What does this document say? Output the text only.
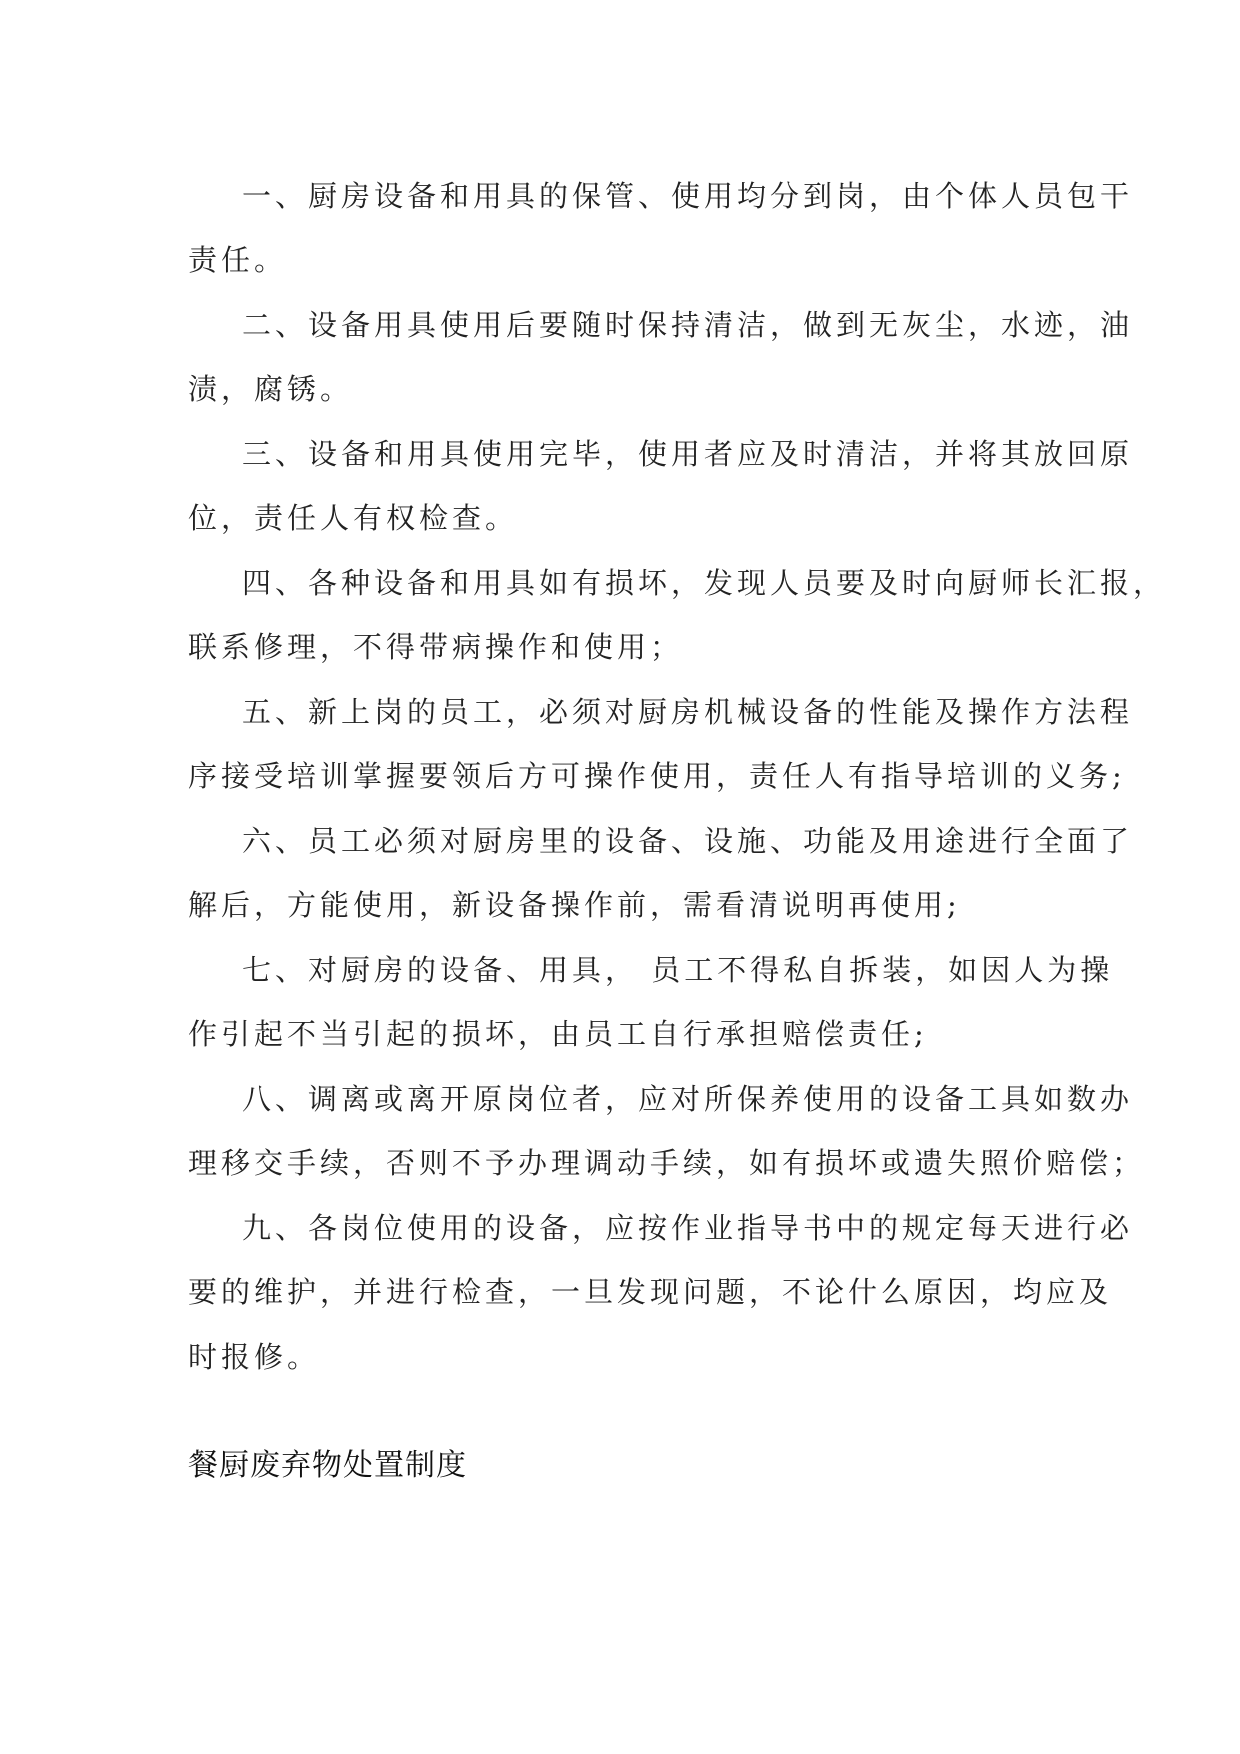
一、厨房设备和用具的保管、使用均分到岗，由个体人员包干
责任。
二、设备用具使用后要随时保持清洁，做到无灰尘，水迹，油
渍，腐锈。
三、设备和用具使用完毕，使用者应及时清洁，并将其放回原
位，责任人有权检查。
四、各种设备和用具如有损坏，发现人员要及时向厨师长汇报，
联系修理，不得带病操作和使用；
五、新上岗的员工，必须对厨房机械设备的性能及操作方法程
序接受培训掌握要领后方可操作使用，责任人有指导培训的义务;
六、员工必须对厨房里的设备、设施、功能及用途进行全面了
解后，方能使用，新设备操作前，需看清说明再使用;
七、对厨房的设备、用具， 员工不得私自拆装，如因人为操
作引起不当引起的损坏，由员工自行承担赔偿责任;
八、调离或离开原岗位者，应对所保养使用的设备工具如数办
理移交手续，否则不予办理调动手续，如有损坏或遗失照价赔偿；
九、各岗位使用的设备，应按作业指导书中的规定每天进行必
要的维护，并进行检查，一旦发现问题，不论什么原因，均应及
时报修。
餐厨废弃物处置制度
